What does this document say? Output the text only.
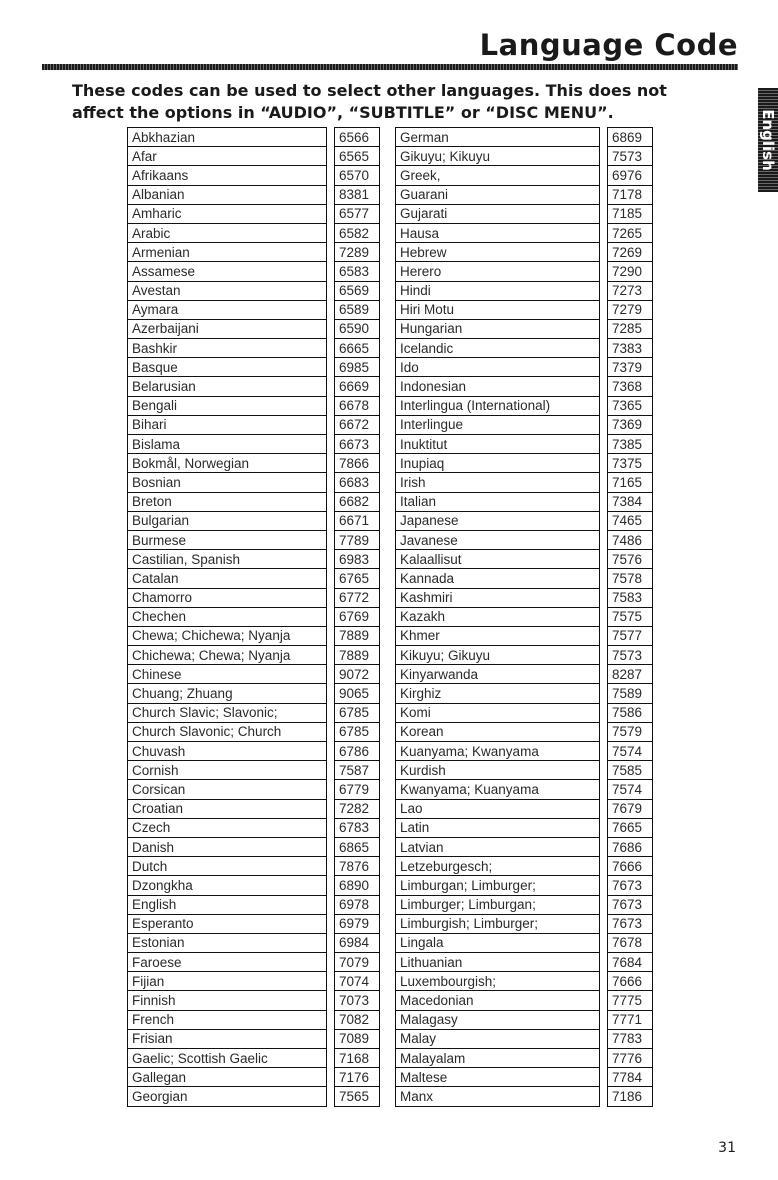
Language Code
English
These codes can be used to select other languages. This does not affect the options in “AUDIO”, “SUBTITLE” or “DISC MENU”.
Abkhazian		6566
Afar		6565
Afrikaans		6570
Albanian		8381
Amharic		6577
Arabic		6582
Armenian		7289
Assamese		6583
Avestan		6569
Aymara		6589
Azerbaijani		6590
Bashkir		6665
Basque		6985
Belarusian		6669
Bengali		6678
Bihari		6672
Bislama		6673
Bokmål, Norwegian		7866
Bosnian		6683
Breton		6682
Bulgarian		6671
Burmese		7789
Castilian, Spanish		6983
Catalan		6765
Chamorro		6772
Chechen		6769
Chewa; Chichewa; Nyanja		7889
Chichewa; Chewa; Nyanja		7889
Chinese		9072
Chuang; Zhuang		9065
Church Slavic; Slavonic;		6785
Church Slavonic; Church		6785
Chuvash		6786
Cornish		7587
Corsican		6779
Croatian		7282
Czech		6783
Danish		6865
Dutch		7876
Dzongkha		6890
English		6978
Esperanto		6979
Estonian		6984
Faroese		7079
Fijian		7074
Finnish		7073
French		7082
Frisian		7089
Gaelic; Scottish Gaelic		7168
Gallegan		7176
Georgian		7565
German		6869
Gikuyu; Kikuyu		7573
Greek,		6976
Guarani		7178
Gujarati		7185
Hausa		7265
Hebrew		7269
Herero		7290
Hindi		7273
Hiri Motu		7279
Hungarian		7285
Icelandic		7383
Ido		7379
Indonesian		7368
Interlingua (International)		7365
Interlingue		7369
Inuktitut		7385
Inupiaq		7375
Irish		7165
Italian		7384
Japanese		7465
Javanese		7486
Kalaallisut		7576
Kannada		7578
Kashmiri		7583
Kazakh		7575
Khmer		7577
Kikuyu; Gikuyu		7573
Kinyarwanda		8287
Kirghiz		7589
Komi		7586
Korean		7579
Kuanyama; Kwanyama		7574
Kurdish		7585
Kwanyama; Kuanyama		7574
Lao		7679
Latin		7665
Latvian		7686
Letzeburgesch;		7666
Limburgan; Limburger;		7673
Limburger; Limburgan;		7673
Limburgish; Limburger;		7673
Lingala		7678
Lithuanian		7684
Luxembourgish;		7666
Macedonian		7775
Malagasy		7771
Malay		7783
Malayalam		7776
Maltese		7784
Manx		7186
31
